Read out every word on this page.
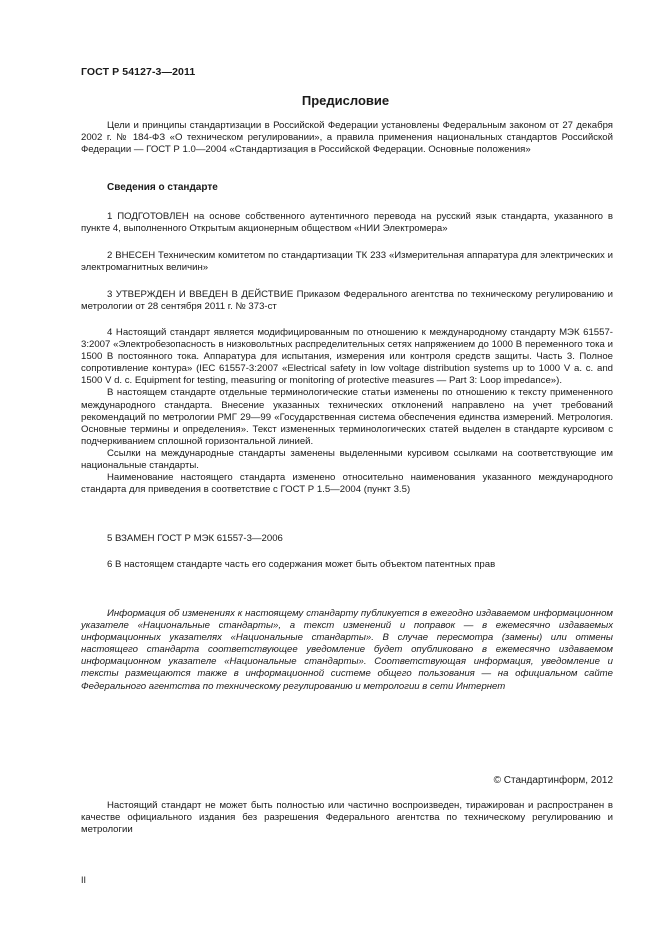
ГОСТ Р 54127-3—2011
Предисловие

Цели и принципы стандартизации в Российской Федерации установлены Федеральным законом от 27 декабря 2002 г. № 184-ФЗ «О техническом регулировании», а правила применения национальных стандартов Российской Федерации — ГОСТ Р 1.0—2004 «Стандартизация в Российской Федерации. Основные положения»

Сведения о стандарте

1 ПОДГОТОВЛЕН на основе собственного аутентичного перевода на русский язык стандарта, указанного в пункте 4, выполненного Открытым акционерным обществом «НИИ Электромера»

2 ВНЕСЕН Техническим комитетом по стандартизации ТК 233 «Измерительная аппаратура для электрических и электромагнитных величин»

3 УТВЕРЖДЕН И ВВЕДЕН В ДЕЙСТВИЕ Приказом Федерального агентства по техническому регулированию и метрологии от 28 сентября 2011 г. № 373-ст

4 Настоящий стандарт является модифицированным по отношению к международному стандарту МЭК 61557-3:2007 «Электробезопасность в низковольтных распределительных сетях напряжением до 1000 В переменного тока и 1500 В постоянного тока. Аппаратура для испытания, измерения или контроля средств защиты. Часть 3. Полное сопротивление контура» (IEC 61557-3:2007 «Electrical safety in low voltage distribution systems up to 1000 V a. c. and 1500 V d. c. Equipment for testing, measuring or monitoring of protective measures — Part 3: Loop impedance»).

В настоящем стандарте отдельные терминологические статьи изменены по отношению к тексту примененного международного стандарта. Внесение указанных технических отклонений направлено на учет требований рекомендаций по метрологии РМГ 29—99 «Государственная система обеспечения единства измерений. Метрология. Основные термины и определения». Текст измененных терминологических статей выделен в стандарте курсивом с подчеркиванием сплошной горизонтальной линией.

Ссылки на международные стандарты заменены выделенными курсивом ссылками на соответствующие им национальные стандарты.

Наименование настоящего стандарта изменено относительно наименования указанного международного стандарта для приведения в соответствие с ГОСТ Р 1.5—2004 (пункт 3.5)

5 ВЗАМЕН ГОСТ Р МЭК 61557-3—2006

6 В настоящем стандарте часть его содержания может быть объектом патентных прав

Информация об изменениях к настоящему стандарту публикуется в ежегодно издаваемом информационном указателе «Национальные стандарты», а текст изменений и поправок — в ежемесячно издаваемых информационных указателях «Национальные стандарты». В случае пересмотра (замены) или отмены настоящего стандарта соответствующее уведомление будет опубликовано в ежемесячно издаваемом информационном указателе «Национальные стандарты». Соответствующая информация, уведомление и тексты размещаются также в информационной системе общего пользования — на официальном сайте Федерального агентства по техническому регулированию и метрологии в сети Интернет

© Стандартинформ, 2012

Настоящий стандарт не может быть полностью или частично воспроизведен, тиражирован и распространен в качестве официального издания без разрешения Федерального агентства по техническому регулированию и метрологии

II
